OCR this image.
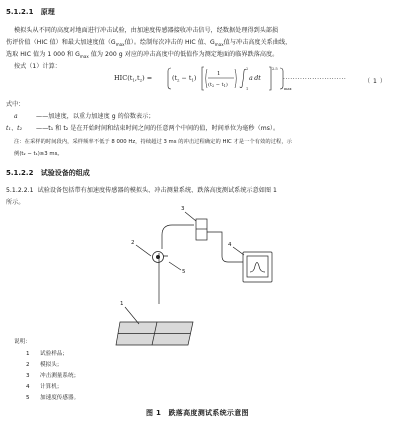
5.1.2.1 原理
模拟头从不同的高度对地面进行冲击试验，由加速度传感器接收冲击信号，经数据处理得到头部损
伤评价值（HIC 值）和最大加速度值（$G_{max}$值）。绘制每次冲击的 HIC 值、$G_{max}$值与冲击高度关系曲线，
选取 HIC 值为 1 000 和 $G_{max}$ 值为 200 g 对应的冲击高度中的低值作为测定地面的临界跌落高度。
按式（1）计算：
$HIC(t_1,t_2)$ =	$(t_2 - t_1)$
1
$(t_2 - t_1)$
1
2
a dt
2.5
max
··························	（ 1 ）
式中：
a	——加速度，以重力加速度 g 的倍数表示；
t₁、t₂ ——t₁ 和 t₂ 是在开始时间和结束时间之间的任意两个中间的值，时间单位为毫秒（ms）。
注：在采样的时间段内，采样频率不低于 8 000 Hz，持续超过 3 ms 的冲击过程确定的 HIC 才是一个有效的过程，示
例(t₂ − t₁)≥3 ms。
5.1.2.2 试验设备的组成
5.1.2.2.1 试验设备包括带有加速度传感器的模拟头、冲击测量系统、跌落高度测试系统示意如图 1
所示。
1
2
3
4
5
说明：
1 试验样品；
2 模拟头；
3 冲击测量系统；
4 计算机；
5 加速度传感器。
图 1　跌落高度测试系统示意图
